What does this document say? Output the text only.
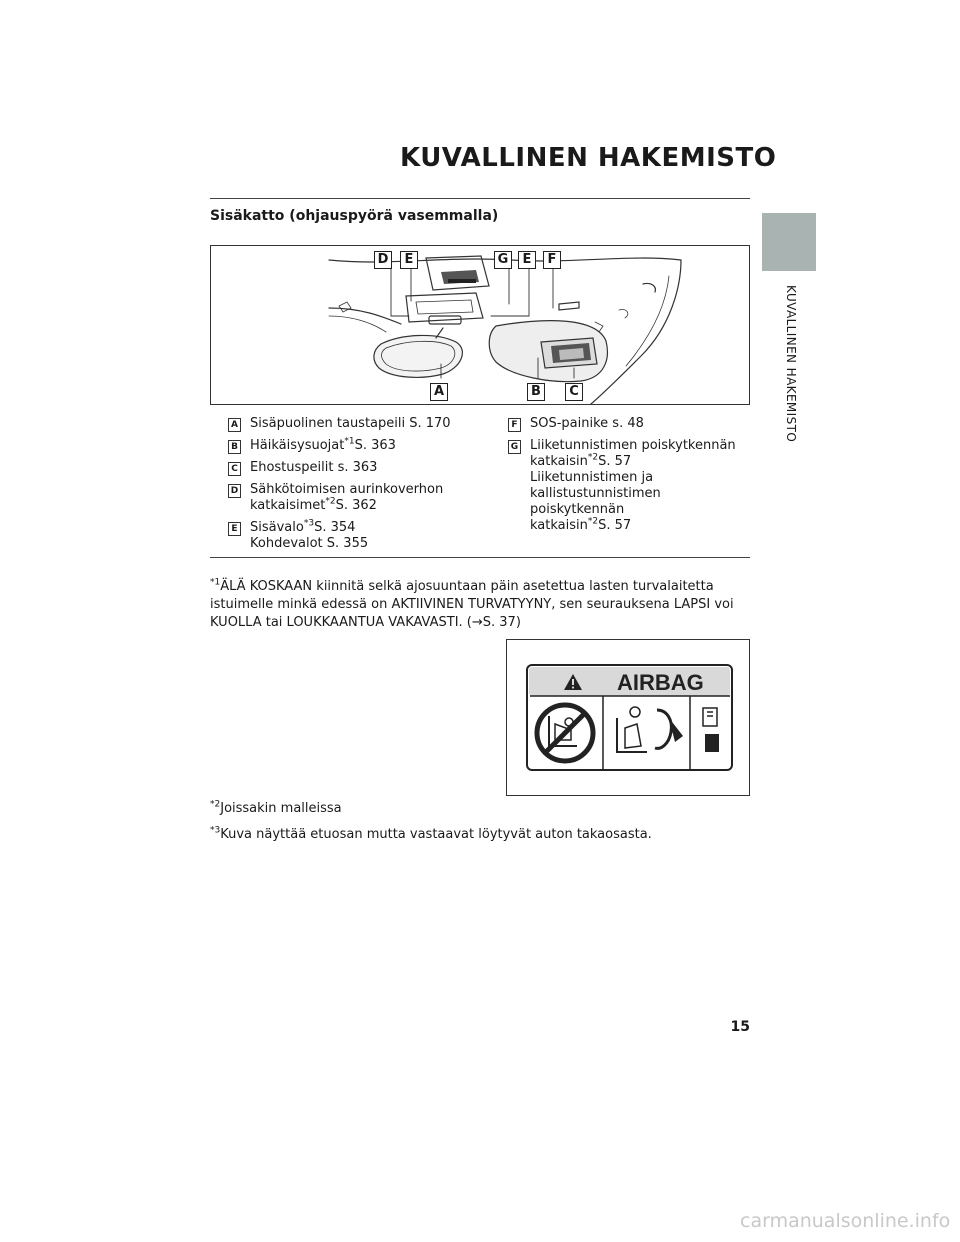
KUVALLINEN HAKEMISTO
KUVALLINEN HAKEMISTO
Sisäkatto (ohjauspyörä vasemmalla)
D	E	G	E	F
A	B	C
A Sisäpuolinen taustapeili S. 170
B Häikäisysuojat$^{*1}$S. 363
C Ehostuspeilit s. 363
D Sähkötoimisen aurinkoverhon
katkaisimet$^{*2}$S. 362
E Sisävalo$^{*3}$S. 354
Kohdevalot S. 355
F SOS-painike s. 48
G Liiketunnistimen poiskytkennän
katkaisin$^{*2}$S. 57
Liiketunnistimen ja
kallistustunnistimen poiskytkennän
katkaisin$^{*2}$S. 57
$^{*1}$ÄLÄ KOSKAAN kiinnitä selkä ajosuuntaan päin asetettua lasten turvalaitetta istuimelle minkä edessä on AKTIIVINEN TURVATYYNY, sen seurauksena LAPSI voi KUOLLA tai LOUKKAANTUA VAKAVASTI. (→S. 37)
AIRBAG
$^{*2}$Joissakin malleissa
$^{*3}$Kuva näyttää etuosan mutta vastaavat löytyvät auton takaosasta.
15
carmanualsonline.info
